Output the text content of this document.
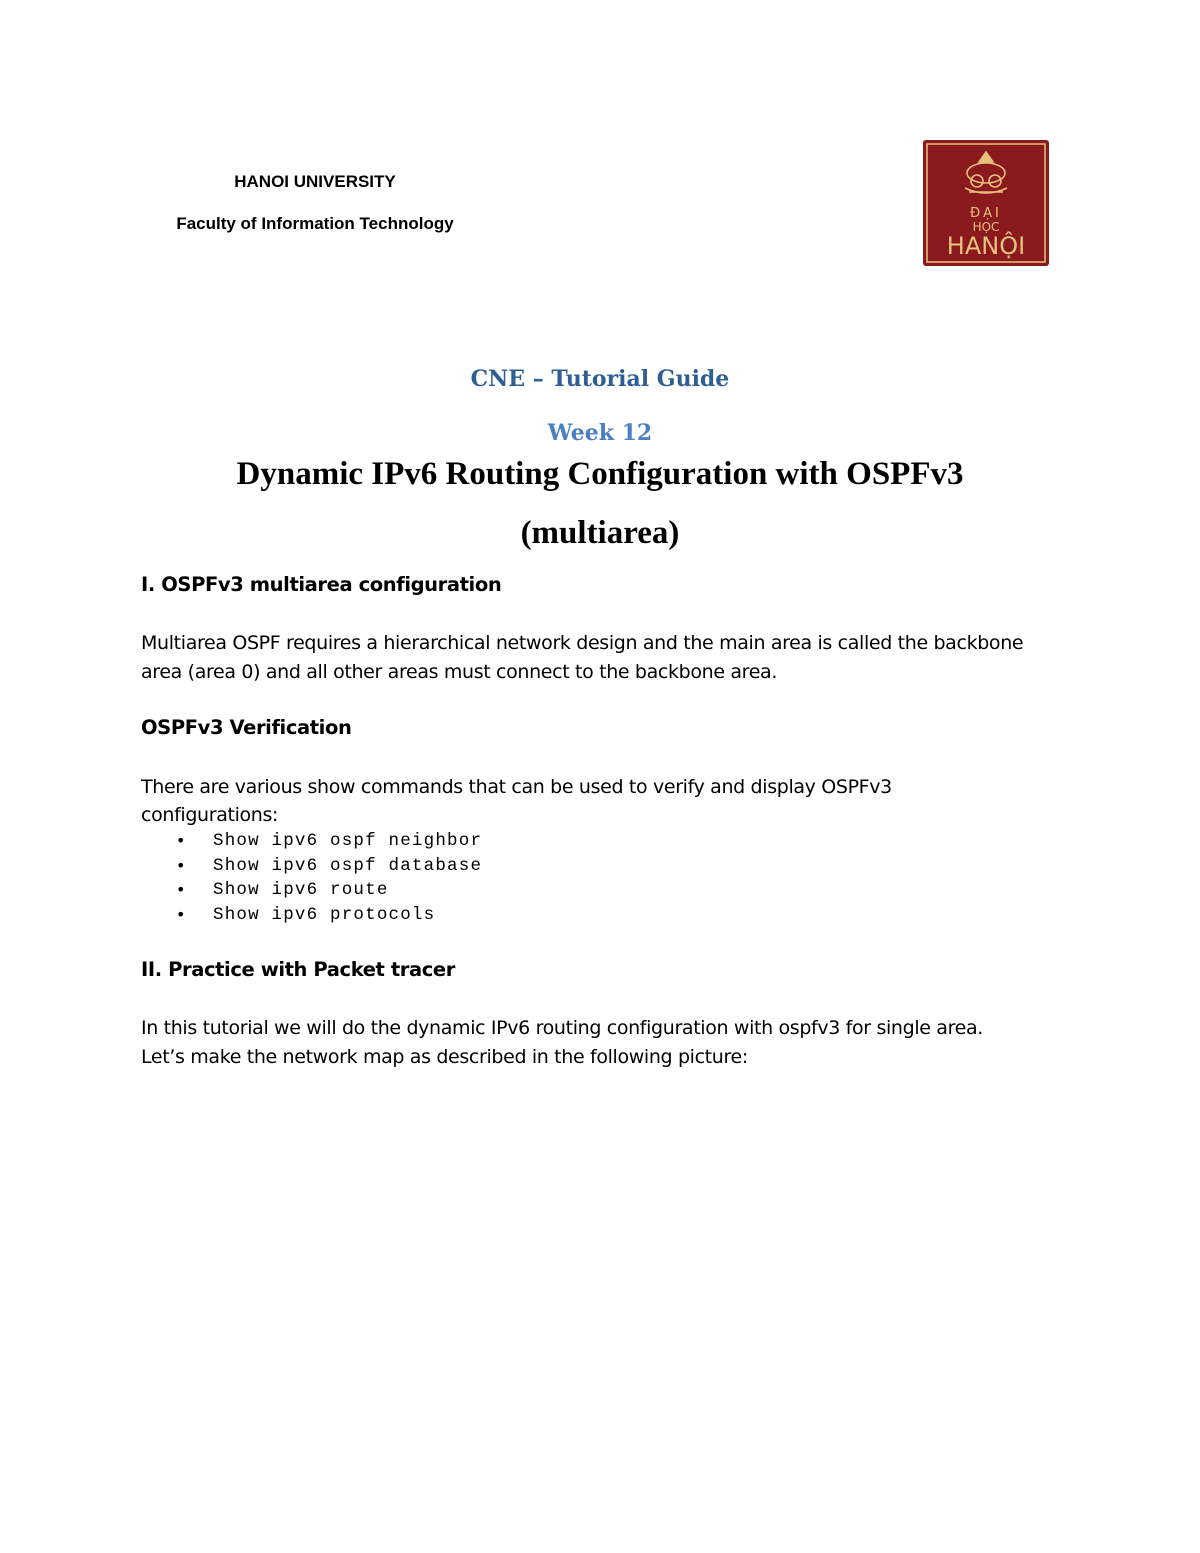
HANOI UNIVERSITY

Faculty of Information Technology

ĐẠI
HỌC
HANỘI

CNE – Tutorial Guide

Week 12

Dynamic IPv6 Routing Configuration with OSPFv3

(multiarea)

I. OSPFv3 multiarea configuration

Multiarea OSPF requires a hierarchical network design and the main area is called the backbone

area (area 0) and all other areas must connect to the backbone area.

OSPFv3 Verification

There are various show commands that can be used to verify and display OSPFv3

configurations:

• Show ipv6 ospf neighbor
• Show ipv6 ospf database
• Show ipv6 route
• Show ipv6 protocols

II. Practice with Packet tracer

In this tutorial we will do the dynamic IPv6 routing configuration with ospfv3 for single area.

Let’s make the network map as described in the following picture:
